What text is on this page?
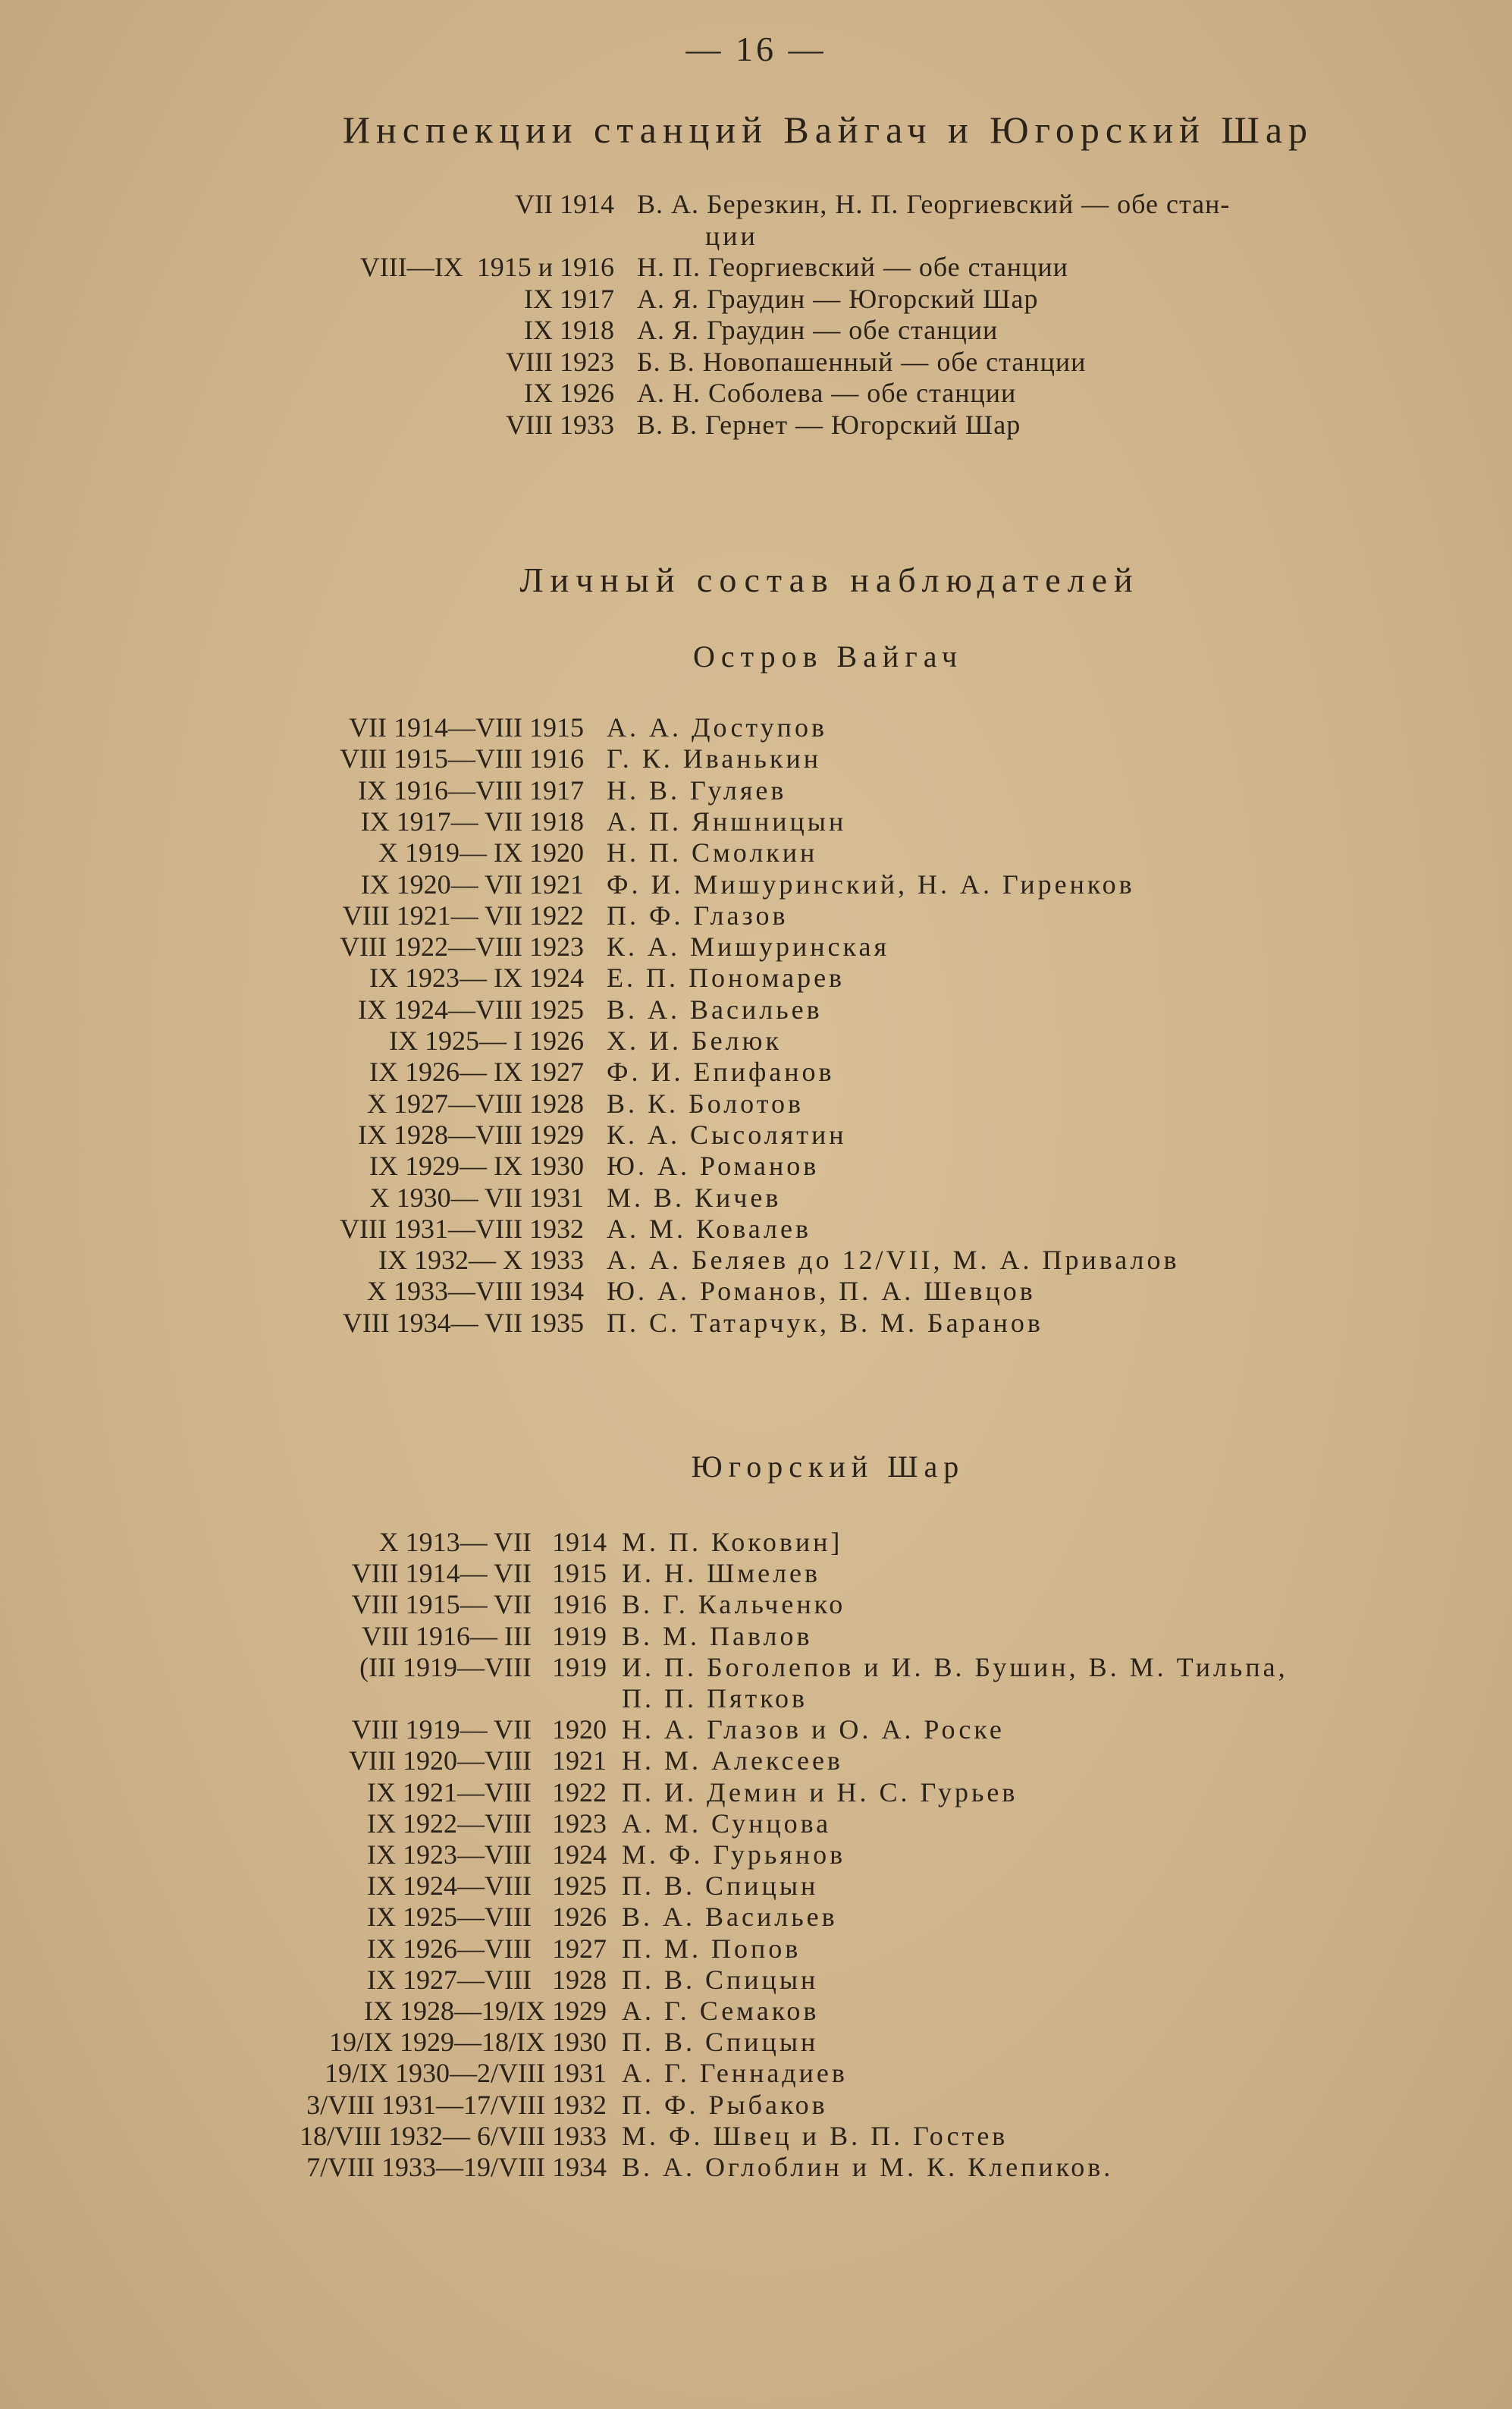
— 16 —
Инспекции станций Вайгач и Югорский Шар
VII 1914 В. А. Березкин, Н. П. Георгиевский — обе стан-
ции
VIII—IX  1915 и 1916 Н. П. Георгиевский — обе станции
IX 1917 А. Я. Граудин — Югорский Шар
IX 1918 А. Я. Граудин — обе станции
VIII 1923 Б. В. Новопашенный — обе станции
IX 1926 А. Н. Соболева — обе станции
VIII 1933 В. В. Гернет — Югорский Шар
Личный состав наблюдателей
Остров Вайгач
VII 1914—VIII 1915 А. А. Доступов
VIII 1915—VIII 1916 Г. К. Иванькин
IX 1916—VIII 1917 Н. В. Гуляев
IX 1917— VII 1918 А. П. Яншницын
X 1919— IX 1920 Н. П. Смолкин
IX 1920— VII 1921 Ф. И. Мишуринский, Н. А. Гиренков
VIII 1921— VII 1922 П. Ф. Глазов
VIII 1922—VIII 1923 К. А. Мишуринская
IX 1923— IX 1924 Е. П. Пономарев
IX 1924—VIII 1925 В. А. Васильев
IX 1925— I 1926 Х. И. Белюк
IX 1926— IX 1927 Ф. И. Епифанов
X 1927—VIII 1928 В. К. Болотов
IX 1928—VIII 1929 К. А. Сысолятин
IX 1929— IX 1930 Ю. А. Романов
X 1930— VII 1931 М. В. Кичев
VIII 1931—VIII 1932 А. М. Ковалев
IX 1932— X 1933 А. А. Беляев до 12/VII, М. А. Привалов
X 1933—VIII 1934 Ю. А. Романов, П. А. Шевцов
VIII 1934— VII 1935 П. С. Татарчук, В. М. Баранов
Югорский Шар
X 1913— VII   1914 М. П. Коковин]
VIII 1914— VII   1915 И. Н. Шмелев
VIII 1915— VII   1916 В. Г. Кальченко
VIII 1916— III   1919 В. М. Павлов
(III 1919—VIII   1919 И. П. Боголепов и И. В. Бушин, В. М. Тильпа,
П. П. Пятков
VIII 1919— VII   1920 Н. А. Глазов и О. А. Роске
VIII 1920—VIII   1921 Н. М. Алексеев
IX 1921—VIII   1922 П. И. Демин и Н. С. Гурьев
IX 1922—VIII   1923 А. М. Сунцова
IX 1923—VIII   1924 М. Ф. Гурьянов
IX 1924—VIII   1925 П. В. Спицын
IX 1925—VIII   1926 В. А. Васильев
IX 1926—VIII   1927 П. М. Попов
IX 1927—VIII   1928 П. В. Спицын
IX 1928—19/IX 1929 А. Г. Семаков
19/IX 1929—18/IX 1930 П. В. Спицын
19/IX 1930—2/VIII 1931 А. Г. Геннадиев
3/VIII 1931—17/VIII 1932 П. Ф. Рыбаков
18/VIII 1932— 6/VIII 1933 М. Ф. Швец и В. П. Гостев
7/VIII 1933—19/VIII 1934 В. А. Оглоблин и М. К. Клепиков.
